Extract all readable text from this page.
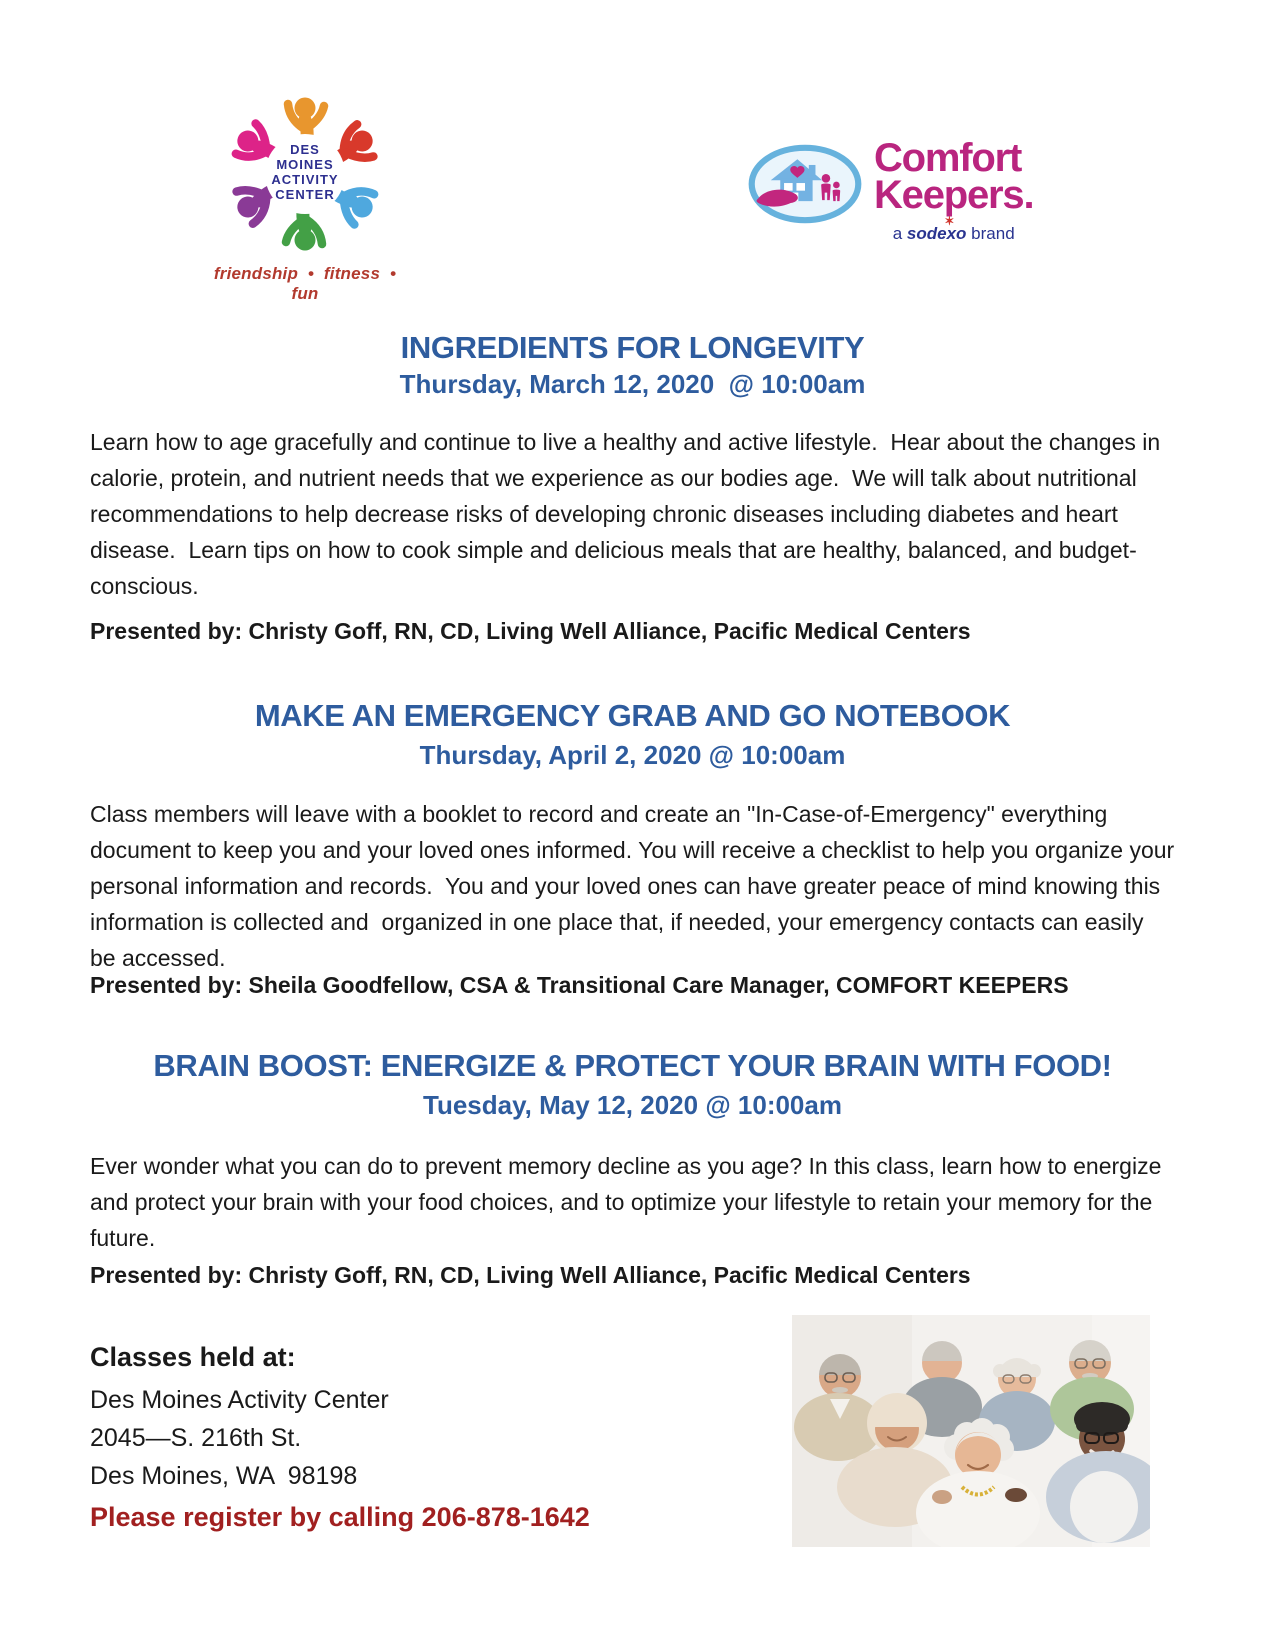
DES
MOINES
ACTIVITY
CENTER
friendship  •  fitness  •  fun
Comfort
Keepers.
a sodexo
✶
brand
INGREDIENTS FOR LONGEVITY
Thursday, March 12, 2020  @ 10:00am
Learn how to age gracefully and continue to live a healthy and active lifestyle.  Hear about the changes in calorie, protein, and nutrient needs that we experience as our bodies age.  We will talk about nutritional recommendations to help decrease risks of developing chronic diseases including diabetes and heart disease.  Learn tips on how to cook simple and delicious meals that are healthy, balanced, and budget-conscious.
Presented by: Christy Goff, RN, CD, Living Well Alliance, Pacific Medical Centers
MAKE AN EMERGENCY GRAB AND GO NOTEBOOK
Thursday, April 2, 2020 @ 10:00am
Class members will leave with a booklet to record and create an "In-Case-of-Emergency" everything document to keep you and your loved ones informed. You will receive a checklist to help you organize your personal information and records.  You and your loved ones can have greater peace of mind knowing this information is collected and  organized in one place that, if needed, your emergency contacts can easily be accessed.
Presented by: Sheila Goodfellow, CSA & Transitional Care Manager, COMFORT KEEPERS
BRAIN BOOST: ENERGIZE & PROTECT YOUR BRAIN WITH FOOD!
Tuesday, May 12, 2020 @ 10:00am
Ever wonder what you can do to prevent memory decline as you age? In this class, learn how to energize and protect your brain with your food choices, and to optimize your lifestyle to retain your memory for the future.
Presented by: Christy Goff, RN, CD, Living Well Alliance, Pacific Medical Centers
Classes held at:
Des Moines Activity Center
2045—S. 216th St.
Des Moines, WA  98198
Please register by calling 206-878-1642
